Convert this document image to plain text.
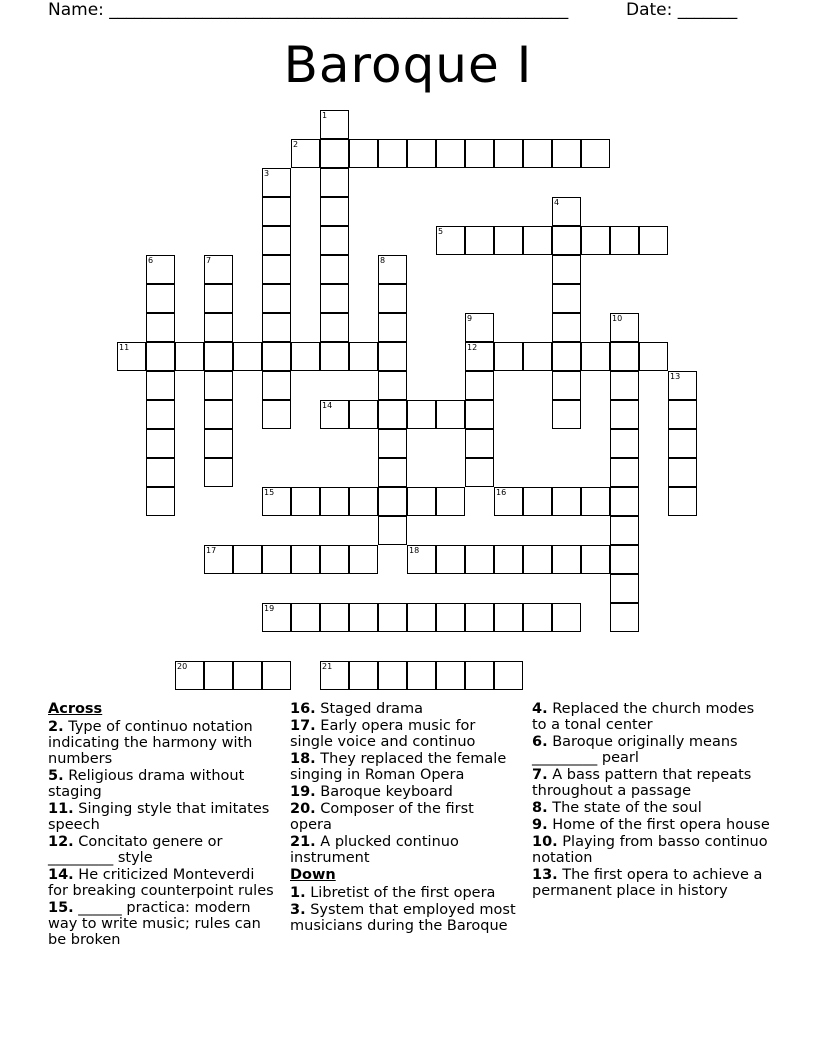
Name: ______________________________________________________	Date: _______
Baroque I
1
2
3
4
5
6	7	8
9	10
11	12
13
14
15	16
17	18
19
20	21
Across
2. Type of continuo notation indicating the harmony with numbers
5. Religious drama without staging
11. Singing style that imitates speech
12. Concitato genere or _________ style
14. He criticized Monteverdi for breaking counterpoint rules
15. ______ practica: modern way to write music; rules can be broken
16. Staged drama
17. Early opera music for single voice and continuo
18. They replaced the female singing in Roman Opera
19. Baroque keyboard
20. Composer of the first opera
21. A plucked continuo instrument
Down
1. Libretist of the first opera
3. System that employed most musicians during the Baroque
4. Replaced the church modes to a tonal center
6. Baroque originally means _________ pearl
7. A bass pattern that repeats throughout a passage
8. The state of the soul
9. Home of the first opera house
10. Playing from basso continuo notation
13. The first opera to achieve a permanent place in history
